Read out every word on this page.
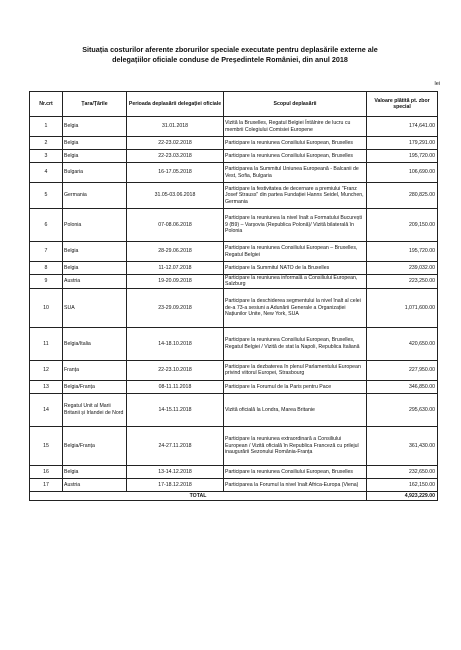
Situația costurilor aferente zborurilor speciale executate pentru deplasările externe ale
delegațiilor oficiale conduse de Președintele României, din anul 2018
lei
Nr.crt	Țara/Țările	Perioada deplasării delegației oficiale	Scopul deplasării	Valoare plătită pt. zbor special
1	Belgia	31.01.2018	Vizită la Bruxelles, Regatul Belgiei Întâlnire de lucru cu membrii Colegiului Comisiei Europene	174,641.00
2	Belgia	22-23.02.2018	Participare la reuniunea Consiliului European, Bruxelles	179,291.00
3	Belgia	22-23.03.2018	Participare la reuniunea Consiliului European, Bruxelles	195,720.00
4	Bulgaria	16-17.05.2018	Participarea la Summitul Uniunea Europeană - Balcanii de Vest, Sofia, Bulgaria	106,690.00
5	Germania	31.05-03.06.2018	Participare la festivitatea de decernare a premiului "Franz Josef Strauss" din partea Fundației Hanns Seidel, Munchen, Germania	280,825.00
6	Polonia	07-08.06.2018	Participare la reuniunea la nivel înalt a Formatului București 9 (B9) – Varșovia (Republica Polonă)/ Vizită bilaterală în Polonia	209,150.00
7	Belgia	28-29.06.2018	Participare la reuniunea Consiliului European – Bruxelles, Regatul Belgiei	195,720.00
8	Belgia	11-12.07.2018	Participare la Summitul NATO de la Bruxelles	239,032.00
9	Austria	19-20.09.2018	Participare la reuniunea informală a Consiliului European, Salzburg	223,250.00
10	SUA	23-29.09.2018	Participare la deschiderea segmentului la nivel înalt al celei de-a 73-a sesiuni a Adunării Generale a Organizației Națiunilor Unite, New York, SUA	1,071,600.00
11	Belgia/Italia	14-18.10.2018	Participare la reuniunea Consiliului European, Bruxelles, Regatul Belgiei / Vizită de stat la Napoli, Republica Italiană	420,650.00
12	Franța	22-23.10.2018	Participare la dezbaterea în plenul Parlamentului European privind viitorul Europei, Strasbourg	227,950.00
13	Belgia/Franța	08-11.11.2018	Participare la Forumul de la Paris pentru Pace	346,850.00
14	Regatul Unit al Marii Britanii și Irlandei de Nord	14-15.11.2018	Vizită oficială la Londra, Marea Britanie	295,630.00
15	Belgia/Franța	24-27.11.2018	Participare la reuniunea extraordinară a Consiliului European / Vizită oficială în Republica Franceză cu prilejul inaugurării Sezonului România-Franța	361,430.00
16	Belgia	13-14.12.2018	Participare la reuniunea Consiliului European, Bruxelles	232,650.00
17	Austria	17-18.12.2018	Participarea la Forumul la nivel înalt Africa-Europa (Viena)	162,150.00
TOTAL				4,923,229.00
